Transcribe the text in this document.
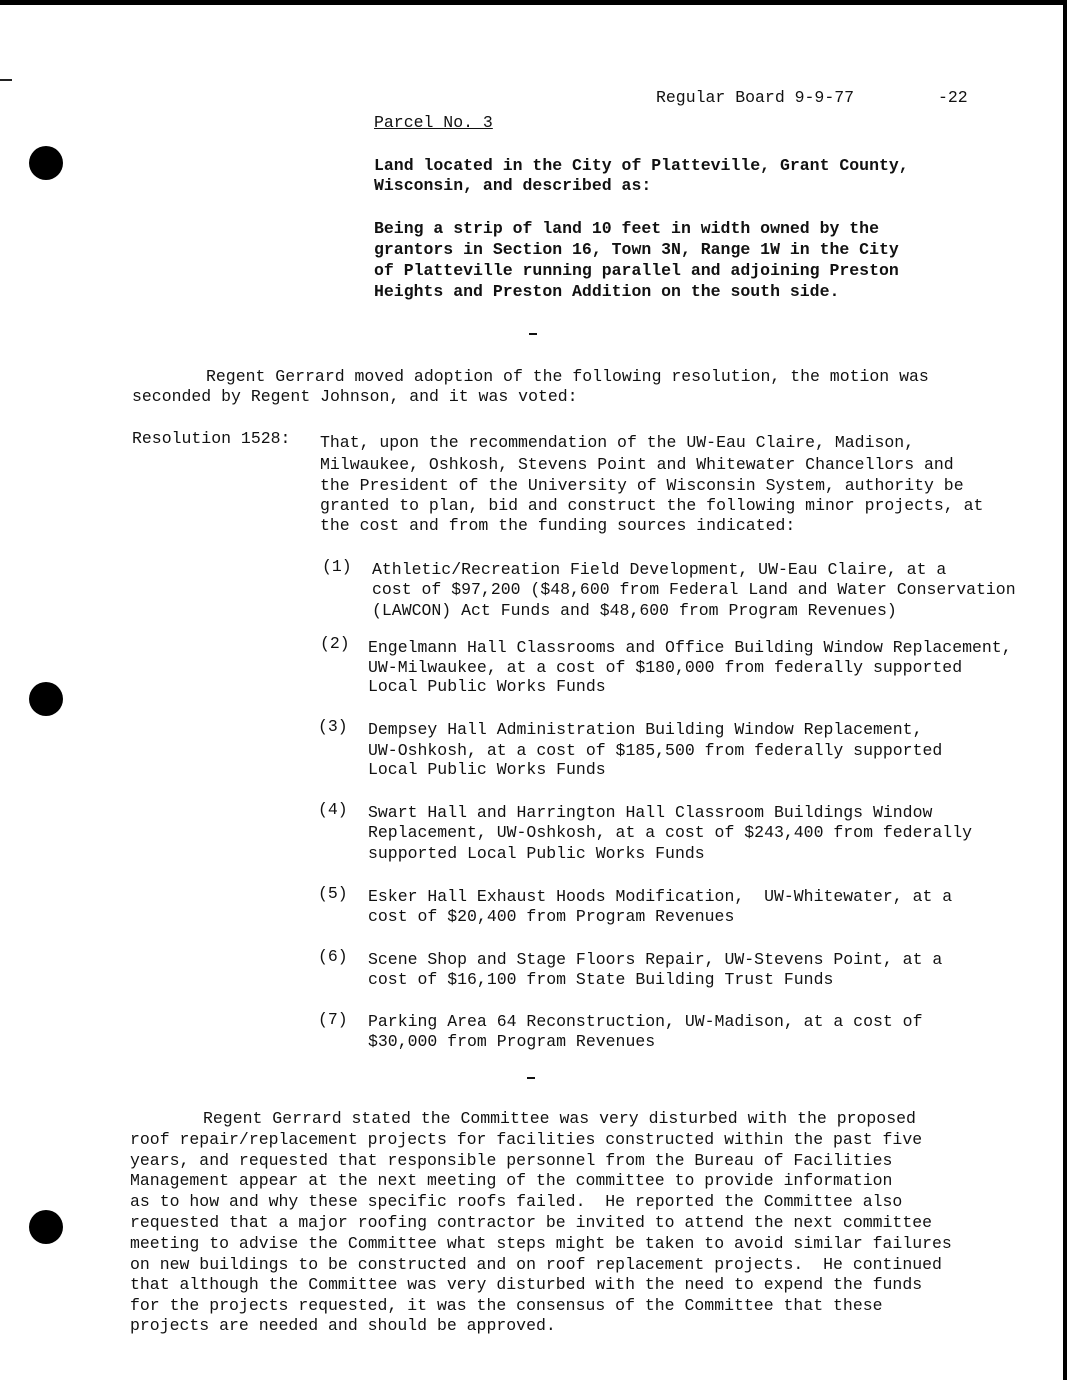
Regular Board 9-9-77	-22
Parcel No. 3
Land located in the City of Platteville, Grant County,
Wisconsin, and described as:
Being a strip of land 10 feet in width owned by the
grantors in Section 16, Town 3N, Range 1W in the City
of Platteville running parallel and adjoining Preston
Heights and Preston Addition on the south side.
Regent Gerrard moved adoption of the following resolution, the motion was
seconded by Regent Johnson, and it was voted:
Resolution 1528: That, upon the recommendation of the UW-Eau Claire, Madison,
Milwaukee, Oshkosh, Stevens Point and Whitewater Chancellors and
the President of the University of Wisconsin System, authority be
granted to plan, bid and construct the following minor projects, at
the cost and from the funding sources indicated:
(1) Athletic/Recreation Field Development, UW-Eau Claire, at a
cost of $97,200 ($48,600 from Federal Land and Water Conservation
(LAWCON) Act Funds and $48,600 from Program Revenues)
(2) Engelmann Hall Classrooms and Office Building Window Replacement,
UW-Milwaukee, at a cost of $180,000 from federally supported
Local Public Works Funds
(3) Dempsey Hall Administration Building Window Replacement,
UW-Oshkosh, at a cost of $185,500 from federally supported
Local Public Works Funds
(4) Swart Hall and Harrington Hall Classroom Buildings Window
Replacement, UW-Oshkosh, at a cost of $243,400 from federally
supported Local Public Works Funds
(5) Esker Hall Exhaust Hoods Modification,  UW-Whitewater, at a
cost of $20,400 from Program Revenues
(6) Scene Shop and Stage Floors Repair, UW-Stevens Point, at a
cost of $16,100 from State Building Trust Funds
(7) Parking Area 64 Reconstruction, UW-Madison, at a cost of
$30,000 from Program Revenues
Regent Gerrard stated the Committee was very disturbed with the proposed
roof repair/replacement projects for facilities constructed within the past five
years, and requested that responsible personnel from the Bureau of Facilities
Management appear at the next meeting of the committee to provide information
as to how and why these specific roofs failed.  He reported the Committee also
requested that a major roofing contractor be invited to attend the next committee
meeting to advise the Committee what steps might be taken to avoid similar failures
on new buildings to be constructed and on roof replacement projects.  He continued
that although the Committee was very disturbed with the need to expend the funds
for the projects requested, it was the consensus of the Committee that these
projects are needed and should be approved.
